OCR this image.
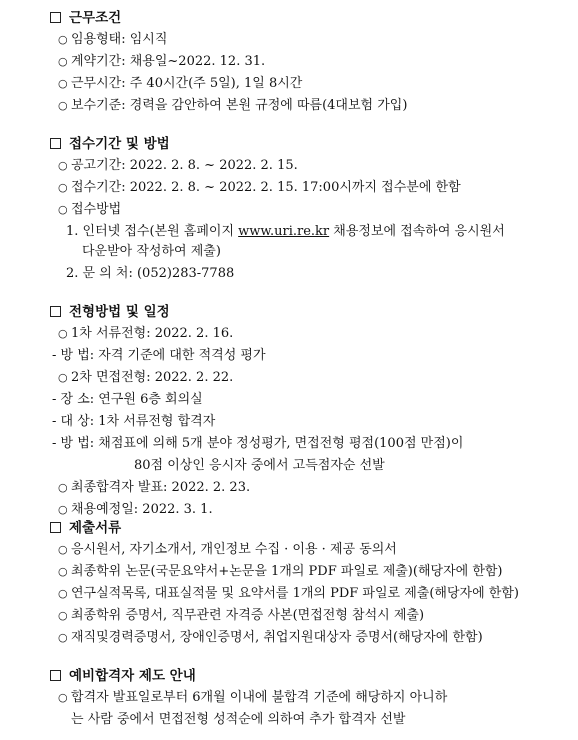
근무조건
○ 임용형태: 임시직
○ 계약기간: 채용일~2022. 12. 31.
○ 근무시간: 주 40시간(주 5일), 1일 8시간
○ 보수기준: 경력을 감안하여 본원 규정에 따름(4대보험 가입)
접수기간 및 방법
○ 공고기간: 2022. 2. 8. ~ 2022. 2. 15.
○ 접수기간: 2022. 2. 8. ~ 2022. 2. 15. 17:00시까지 접수분에 한함
○ 접수방법
1. 인터넷 접수(본원 홈페이지 www.uri.re.kr 채용정보에 접속하여 응시원서
다운받아 작성하여 제출)
2. 문 의 처: (052)283-7788
전형방법 및 일정
○ 1차 서류전형: 2022. 2. 16.
- 방 법: 자격 기준에 대한 적격성 평가
○ 2차 면접전형: 2022. 2. 22.
- 장 소: 연구원 6층 회의실
- 대 상: 1차 서류전형 합격자
- 방 법: 채점표에 의해 5개 분야 정성평가, 면접전형 평점(100점 만점)이
80점 이상인 응시자 중에서 고득점자순 선발
○ 최종합격자 발표: 2022. 2. 23.
○ 채용예정일: 2022. 3. 1.
제출서류
○ 응시원서, 자기소개서, 개인정보 수집 · 이용 · 제공 동의서
○ 최종학위 논문(국문요약서+논문을 1개의 PDF 파일로 제출)(해당자에 한함)
○ 연구실적목록, 대표실적물 및 요약서를 1개의 PDF 파일로 제출(해당자에 한함)
○ 최종학위 증명서, 직무관련 자격증 사본(면접전형 참석시 제출)
○ 재직및경력증명서, 장애인증명서, 취업지원대상자 증명서(해당자에 한함)
예비합격자 제도 안내
○ 합격자 발표일로부터 6개월 이내에 불합격 기준에 해당하지 아니하
는 사람 중에서 면접전형 성적순에 의하여 추가 합격자 선발
